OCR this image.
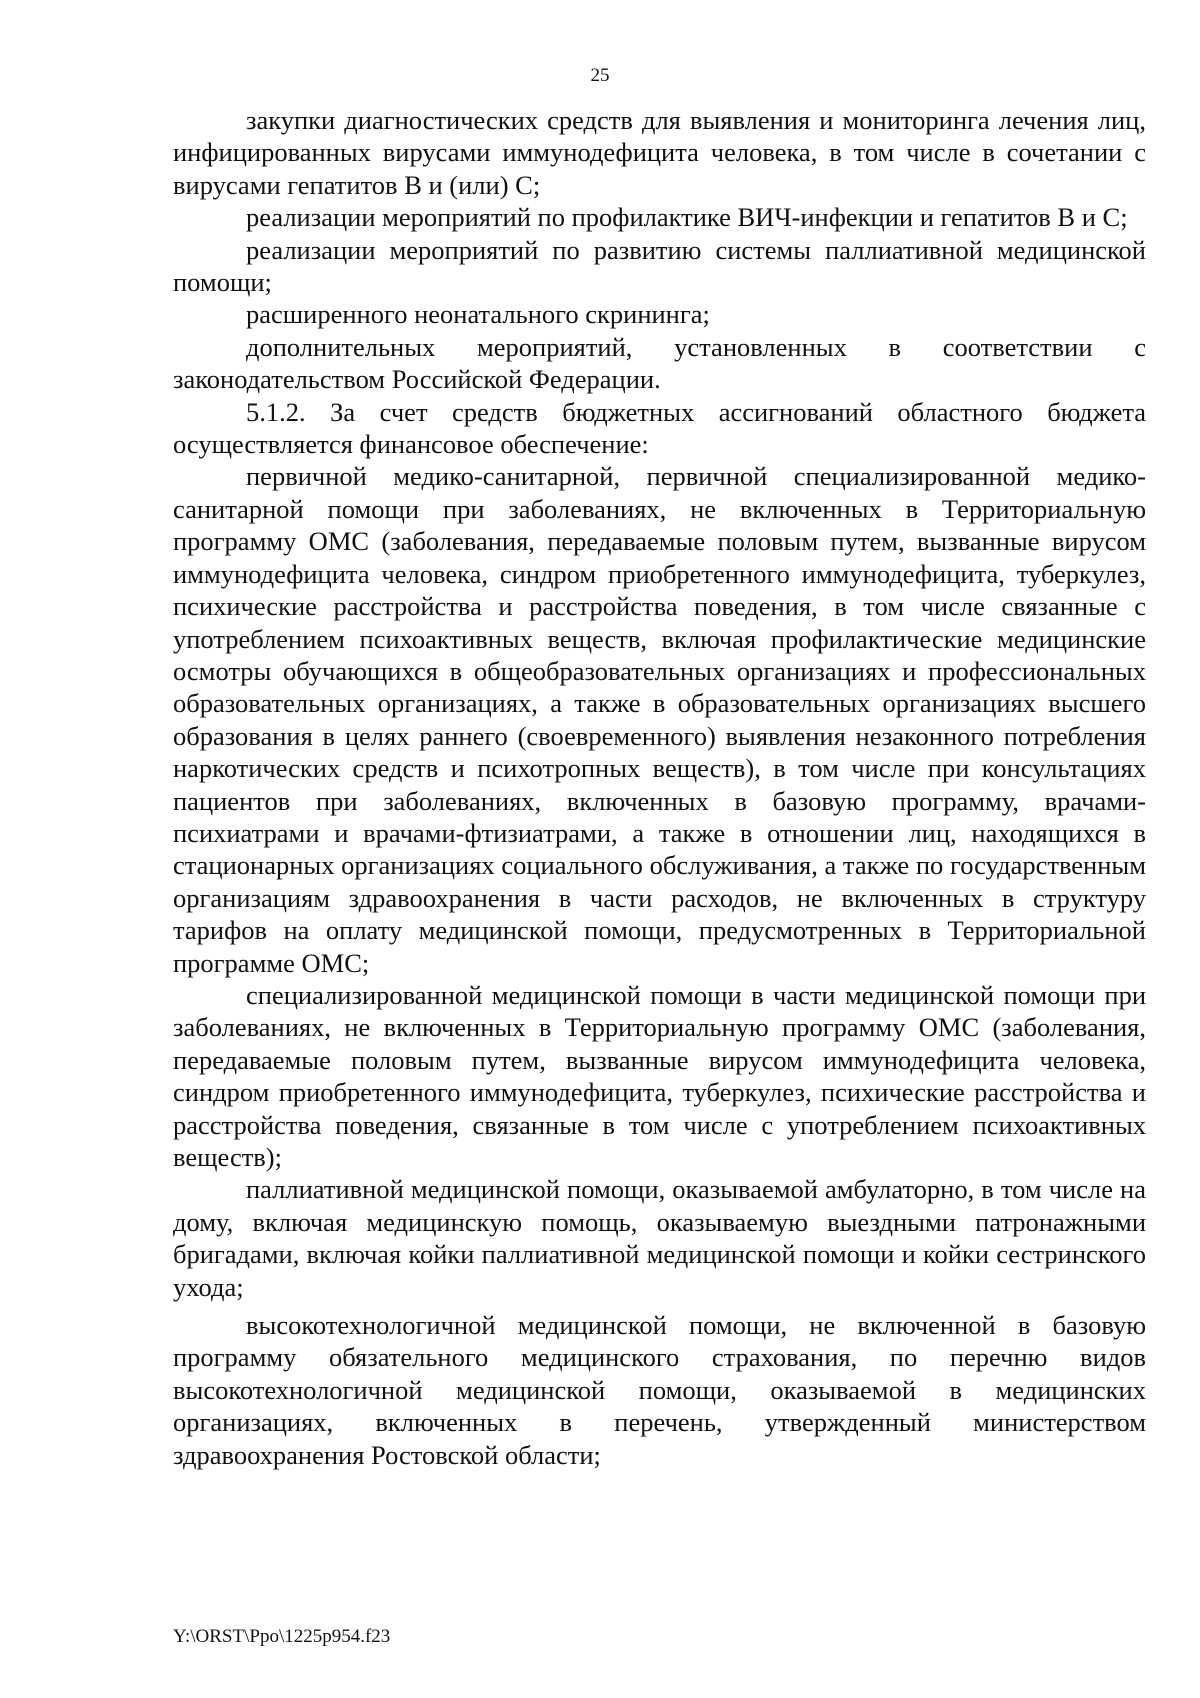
25

закупки диагностических средств для выявления и мониторинга лечения лиц, инфицированных вирусами иммунодефицита человека, в том числе в сочетании с вирусами гепатитов B и (или) С;

реализации мероприятий по профилактике ВИЧ-инфекции и гепатитов B и С;

реализации мероприятий по развитию системы паллиативной медицинской помощи;

расширенного неонатального скрининга;

дополнительных мероприятий, установленных в соответствии с законодательством Российской Федерации.

5.1.2. За счет средств бюджетных ассигнований областного бюджета осуществляется финансовое обеспечение:

первичной медико-санитарной, первичной специализированной медико-санитарной помощи при заболеваниях, не включенных в Территориальную программу ОМС (заболевания, передаваемые половым путем, вызванные вирусом иммунодефицита человека, синдром приобретенного иммунодефицита, туберкулез, психические расстройства и расстройства поведения, в том числе связанные с употреблением психоактивных веществ, включая профилактические медицинские осмотры обучающихся в общеобразовательных организациях и профессиональных образовательных организациях, а также в образовательных организациях высшего образования в целях раннего (своевременного) выявления незаконного потребления наркотических средств и психотропных веществ), в том числе при консультациях пациентов при заболеваниях, включенных в базовую программу, врачами-психиатрами и врачами-фтизиатрами, а также в отношении лиц, находящихся в стационарных организациях социального обслуживания, а также по государственным организациям здравоохранения в части расходов, не включенных в структуру тарифов на оплату медицинской помощи, предусмотренных в Территориальной программе ОМС;

специализированной медицинской помощи в части медицинской помощи при заболеваниях, не включенных в Территориальную программу ОМС (заболевания, передаваемые половым путем, вызванные вирусом иммунодефицита человека, синдром приобретенного иммунодефицита, туберкулез, психические расстройства и расстройства поведения, связанные в том числе с употреблением психоактивных веществ);

паллиативной медицинской помощи, оказываемой амбулаторно, в том числе на дому, включая медицинскую помощь, оказываемую выездными патронажными бригадами, включая койки паллиативной медицинской помощи и койки сестринского ухода;

высокотехнологичной медицинской помощи, не включенной в базовую программу обязательного медицинского страхования, по перечню видов высокотехнологичной медицинской помощи, оказываемой в медицинских организациях, включенных в перечень, утвержденный министерством здравоохранения Ростовской области;

Y:\ORST\Ppo\1225p954.f23
